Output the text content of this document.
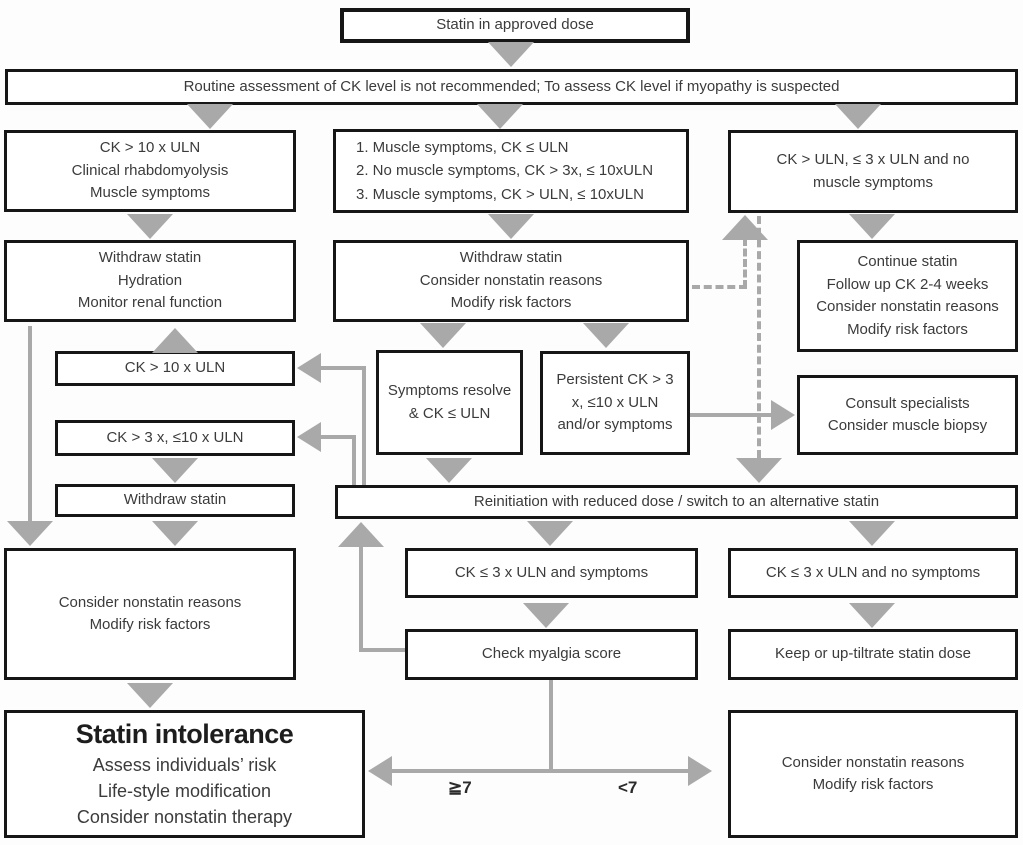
Statin in approved dose
Routine assessment of CK level is not recommended; To assess CK level if myopathy is suspected
CK > 10 x ULN
Clinical rhabdomyolysis
Muscle symptoms
1. Muscle symptoms, CK ≤ ULN
2. No muscle symptoms, CK > 3x, ≤ 10xULN
3. Muscle symptoms, CK > ULN, ≤ 10xULN
CK > ULN, ≤ 3 x ULN and no muscle symptoms
Withdraw statin
Hydration
Monitor renal function
Withdraw statin
Consider nonstatin reasons
Modify risk factors
Continue statin
Follow up CK 2-4 weeks
Consider nonstatin reasons
Modify risk factors
CK > 10 x ULN
Symptoms resolve & CK ≤ ULN
Persistent CK > 3 x, ≤10 x ULN and/or symptoms
Consult specialists
Consider muscle biopsy
CK > 3 x, ≤10 x ULN
Withdraw statin	Reinitiation with reduced dose / switch to an alternative statin
Consider nonstatin reasons
Modify risk factors
CK ≤ 3 x ULN and symptoms	CK ≤ 3 x ULN and no symptoms
Check myalgia score	Keep or up-tiltrate statin dose
Statin intolerance
Assess individuals’ risk
Life-style modification
Consider nonstatin therapy
Consider nonstatin reasons
Modify risk factors
≧7	<7
